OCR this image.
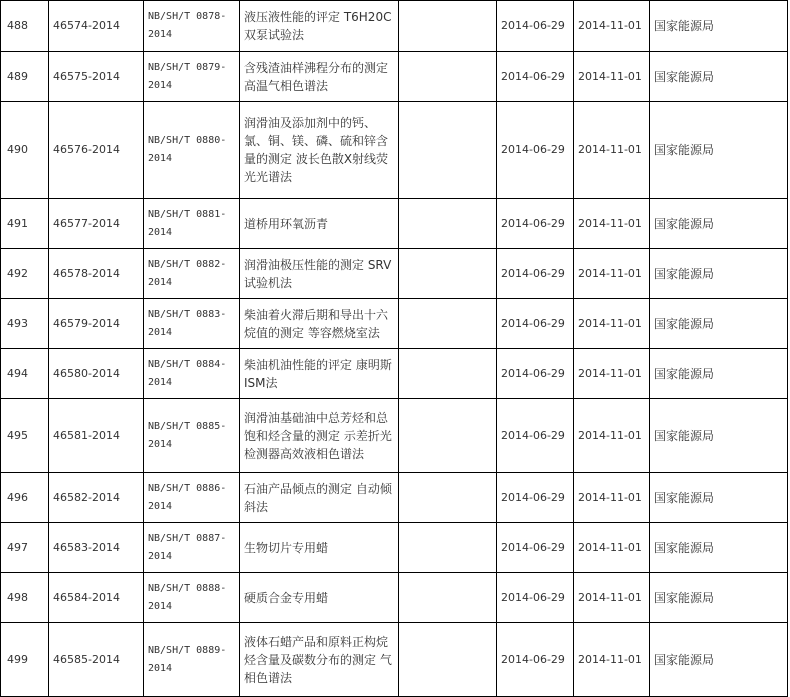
488	46574-2014	NB/SH/T 0878-2014	液压液性能的评定 T6H20C双泵试验法		2014-06-29	2014-11-01	国家能源局
489	46575-2014	NB/SH/T 0879-2014	含残渣油样沸程分布的测定 高温气相色谱法		2014-06-29	2014-11-01	国家能源局
490	46576-2014	NB/SH/T 0880-2014	润滑油及添加剂中的钙、氯、铜、镁、磷、硫和锌含量的测定 波长色散X射线荧光光谱法		2014-06-29	2014-11-01	国家能源局
491	46577-2014	NB/SH/T 0881-2014	道桥用环氧沥青		2014-06-29	2014-11-01	国家能源局
492	46578-2014	NB/SH/T 0882-2014	润滑油极压性能的测定 SRV试验机法		2014-06-29	2014-11-01	国家能源局
493	46579-2014	NB/SH/T 0883-2014	柴油着火滞后期和导出十六烷值的测定 等容燃烧室法		2014-06-29	2014-11-01	国家能源局
494	46580-2014	NB/SH/T 0884-2014	柴油机油性能的评定 康明斯ISM法		2014-06-29	2014-11-01	国家能源局
495	46581-2014	NB/SH/T 0885-2014	润滑油基础油中总芳烃和总饱和烃含量的测定 示差折光检测器高效液相色谱法		2014-06-29	2014-11-01	国家能源局
496	46582-2014	NB/SH/T 0886-2014	石油产品倾点的测定 自动倾斜法		2014-06-29	2014-11-01	国家能源局
497	46583-2014	NB/SH/T 0887-2014	生物切片专用蜡		2014-06-29	2014-11-01	国家能源局
498	46584-2014	NB/SH/T 0888-2014	硬质合金专用蜡		2014-06-29	2014-11-01	国家能源局
499	46585-2014	NB/SH/T 0889-2014	液体石蜡产品和原料正构烷烃含量及碳数分布的测定 气相色谱法		2014-06-29	2014-11-01	国家能源局
